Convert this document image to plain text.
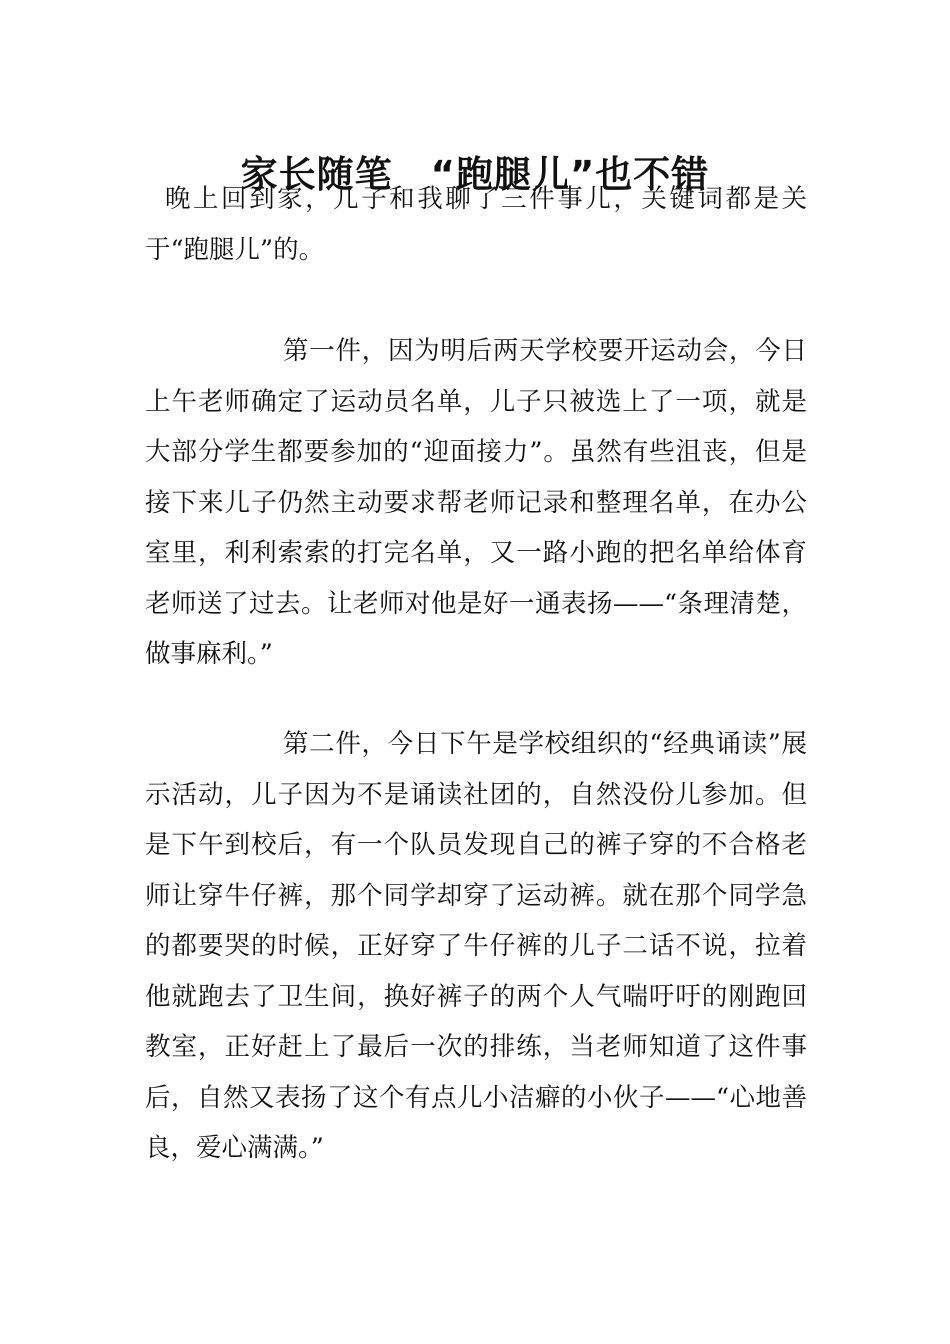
家长随笔　“跑腿儿”也不错

晚上回到家，儿子和我聊了三件事儿，关键词都是关于“跑腿儿”的。

第一件，因为明后两天学校要开运动会，今日上午老师确定了运动员名单，儿子只被选上了一项，就是大部分学生都要参加的“迎面接力”。虽然有些沮丧，但是接下来儿子仍然主动要求帮老师记录和整理名单，在办公室里，利利索索的打完名单，又一路小跑的把名单给体育老师送了过去。让老师对他是好一通表扬——“条理清楚，做事麻利。”

第二件，今日下午是学校组织的“经典诵读”展示活动，儿子因为不是诵读社团的，自然没份儿参加。但是下午到校后，有一个队员发现自己的裤子穿的不合格老师让穿牛仔裤，那个同学却穿了运动裤。就在那个同学急的都要哭的时候，正好穿了牛仔裤的儿子二话不说，拉着他就跑去了卫生间，换好裤子的两个人气喘吁吁的刚跑回教室，正好赶上了最后一次的排练，当老师知道了这件事后，自然又表扬了这个有点儿小洁癖的小伙子——“心地善良，爱心满满。”
